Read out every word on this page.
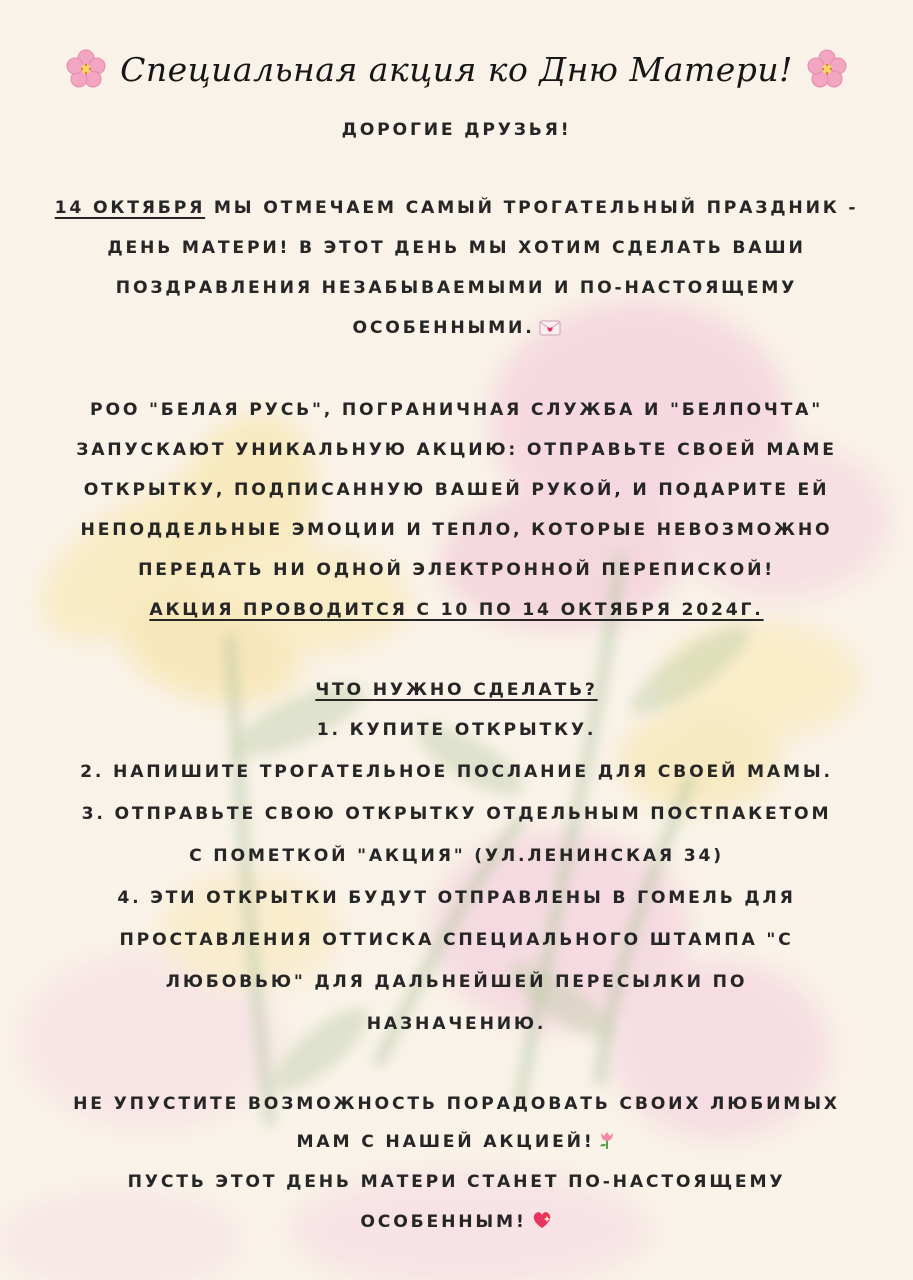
Специальная акция ко Дню Матери!
ДОРОГИЕ ДРУЗЬЯ!
14 ОКТЯБРЯ МЫ ОТМЕЧАЕМ САМЫЙ ТРОГАТЕЛЬНЫЙ ПРАЗДНИК -
ДЕНЬ МАТЕРИ! В ЭТОТ ДЕНЬ МЫ ХОТИМ СДЕЛАТЬ ВАШИ
ПОЗДРАВЛЕНИЯ НЕЗАБЫВАЕМЫМИ И ПО-НАСТОЯЩЕМУ
ОСОБЕННЫМИ.
РОО "БЕЛАЯ РУСЬ", ПОГРАНИЧНАЯ СЛУЖБА И "БЕЛПОЧТА"
ЗАПУСКАЮТ УНИКАЛЬНУЮ АКЦИЮ: ОТПРАВЬТЕ СВОЕЙ МАМЕ
ОТКРЫТКУ, ПОДПИСАННУЮ ВАШЕЙ РУКОЙ, И ПОДАРИТЕ ЕЙ
НЕПОДДЕЛЬНЫЕ ЭМОЦИИ И ТЕПЛО, КОТОРЫЕ НЕВОЗМОЖНО
ПЕРЕДАТЬ НИ ОДНОЙ ЭЛЕКТРОННОЙ ПЕРЕПИСКОЙ!
АКЦИЯ ПРОВОДИТСЯ С 10 ПО 14 ОКТЯБРЯ 2024Г.
ЧТО НУЖНО СДЕЛАТЬ?
1. КУПИТЕ ОТКРЫТКУ.
2. НАПИШИТЕ ТРОГАТЕЛЬНОЕ ПОСЛАНИЕ ДЛЯ СВОЕЙ МАМЫ.
3. ОТПРАВЬТЕ СВОЮ ОТКРЫТКУ ОТДЕЛЬНЫМ ПОСТПАКЕТОМ
С ПОМЕТКОЙ "АКЦИЯ" (УЛ.ЛЕНИНСКАЯ 34)
4. ЭТИ ОТКРЫТКИ БУДУТ ОТПРАВЛЕНЫ В ГОМЕЛЬ ДЛЯ
ПРОСТАВЛЕНИЯ ОТТИСКА СПЕЦИАЛЬНОГО ШТАМПА "С
ЛЮБОВЬЮ" ДЛЯ ДАЛЬНЕЙШЕЙ ПЕРЕСЫЛКИ ПО
НАЗНАЧЕНИЮ.
НЕ УПУСТИТЕ ВОЗМОЖНОСТЬ ПОРАДОВАТЬ СВОИХ ЛЮБИМЫХ
МАМ С НАШЕЙ АКЦИЕЙ!
ПУСТЬ ЭТОТ ДЕНЬ МАТЕРИ СТАНЕТ ПО-НАСТОЯЩЕМУ
ОСОБЕННЫМ!
